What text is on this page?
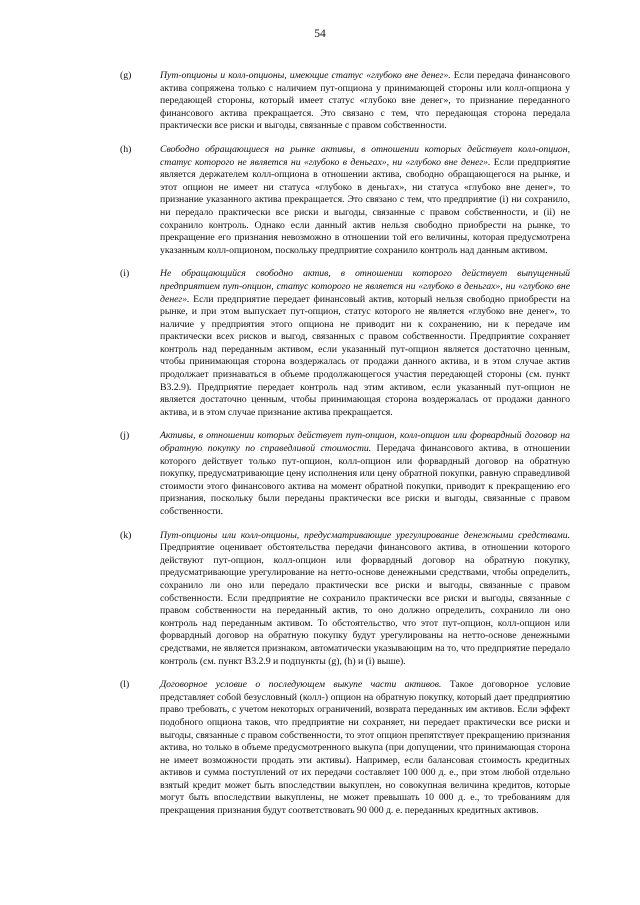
54
(g)	Пут-опционы и колл-опционы, имеющие статус «глубоко вне денег». Если передача финансового актива сопряжена только с наличием пут-опциона у принимающей стороны или колл-опциона у передающей стороны, который имеет статус «глубоко вне денег», то признание переданного финансового актива прекращается. Это связано с тем, что передающая сторона передала практически все риски и выгоды, связанные с правом собственности.
(h)	Свободно обращающиеся на рынке активы, в отношении которых действует колл-опцион, статус которого не является ни «глубоко в деньгах», ни «глубоко вне денег». Если предприятие является держателем колл-опциона в отношении актива, свободно обращающегося на рынке, и этот опцион не имеет ни статуса «глубоко в деньгах», ни статуса «глубоко вне денег», то признание указанного актива прекращается. Это связано с тем, что предприятие (i) ни сохранило, ни передало практически все риски и выгоды, связанные с правом собственности, и (ii) не сохранило контроль. Однако если данный актив нельзя свободно приобрести на рынке, то прекращение его признания невозможно в отношении той его величины, которая предусмотрена указанным колл-опционом, поскольку предприятие сохранило контроль над данным активом.
(i)	Не обращающийся свободно актив, в отношении которого действует выпущенный предприятием пут-опцион, статус которого не является ни «глубоко в деньгах», ни «глубоко вне денег». Если предприятие передает финансовый актив, который нельзя свободно приобрести на рынке, и при этом выпускает пут-опцион, статус которого не является «глубоко вне денег», то наличие у предприятия этого опциона не приводит ни к сохранению, ни к передаче им практически всех рисков и выгод, связанных с правом собственности. Предприятие сохраняет контроль над переданным активом, если указанный пут-опцион является достаточно ценным, чтобы принимающая сторона воздержалась от продажи данного актива, и в этом случае актив продолжает признаваться в объеме продолжающегося участия передающей стороны (см. пункт B3.2.9). Предприятие передает контроль над этим активом, если указанный пут-опцион не является достаточно ценным, чтобы принимающая сторона воздержалась от продажи данного актива, и в этом случае признание актива прекращается.
(j)	Активы, в отношении которых действует пут-опцион, колл-опцион или форвардный договор на обратную покупку по справедливой стоимости. Передача финансового актива, в отношении которого действует только пут-опцион, колл-опцион или форвардный договор на обратную покупку, предусматривающие цену исполнения или цену обратной покупки, равную справедливой стоимости этого финансового актива на момент обратной покупки, приводит к прекращению его признания, поскольку были переданы практически все риски и выгоды, связанные с правом собственности.
(k)	Пут-опционы или колл-опционы, предусматривающие урегулирование денежными средствами. Предприятие оценивает обстоятельства передачи финансового актива, в отношении которого действуют пут-опцион, колл-опцион или форвардный договор на обратную покупку, предусматривающие урегулирование на нетто-основе денежными средствами, чтобы определить, сохранило ли оно или передало практически все риски и выгоды, связанные с правом собственности. Если предприятие не сохранило практически все риски и выгоды, связанные с правом собственности на переданный актив, то оно должно определить, сохранило ли оно контроль над переданным активом. То обстоятельство, что этот пут-опцион, колл-опцион или форвардный договор на обратную покупку будут урегулированы на нетто-основе денежными средствами, не является признаком, автоматически указывающим на то, что предприятие передало контроль (см. пункт B3.2.9 и подпункты (g), (h) и (i) выше).
(l)	Договорное условие о последующем выкупе части активов. Такое договорное условие представляет собой безусловный (колл-) опцион на обратную покупку, который дает предприятию право требовать, с учетом некоторых ограничений, возврата переданных им активов. Если эффект подобного опциона таков, что предприятие ни сохраняет, ни передает практически все риски и выгоды, связанные с правом собственности, то этот опцион препятствует прекращению признания актива, но только в объеме предусмотренного выкупа (при допущении, что принимающая сторона не имеет возможности продать эти активы). Например, если балансовая стоимость кредитных активов и сумма поступлений от их передачи составляет 100 000 д. е., при этом любой отдельно взятый кредит может быть впоследствии выкуплен, но совокупная величина кредитов, которые могут быть впоследствии выкуплены, не может превышать 10 000 д. е., то требованиям для прекращения признания будут соответствовать 90 000 д. е. переданных кредитных активов.
